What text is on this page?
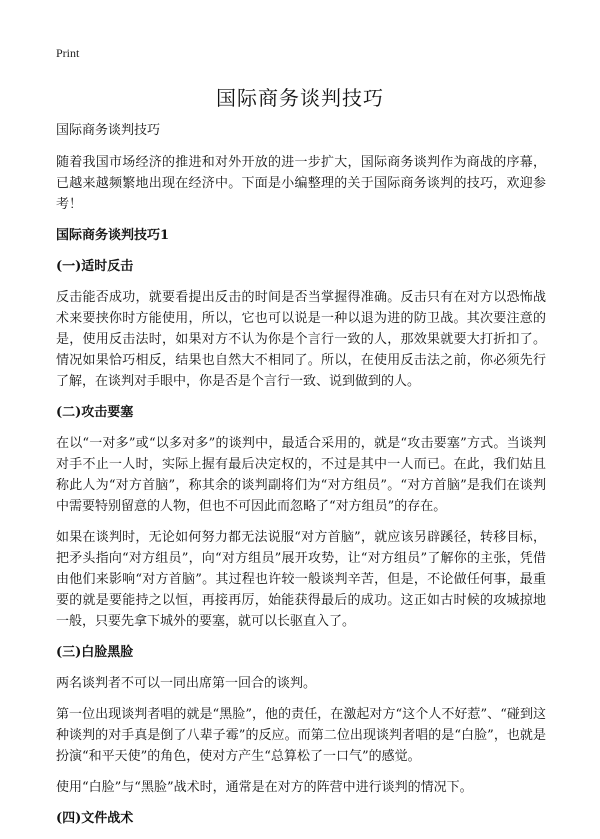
Print
国际商务谈判技巧

国际商务谈判技巧

随着我国市场经济的推进和对外开放的进一步扩大，国际商务谈判作为商战的序幕，已越来越频繁地出现在经济中。下面是小编整理的关于国际商务谈判的技巧，欢迎参考！

国际商务谈判技巧1
(一)适时反击

反击能否成功，就要看提出反击的时间是否当掌握得准确。反击只有在对方以恐怖战术来要挟你时方能使用，所以，它也可以说是一种以退为进的防卫战。其次要注意的是，使用反击法时，如果对方不认为你是个言行一致的人，那效果就要大打折扣了。情况如果恰巧相反，结果也自然大不相同了。所以，在使用反击法之前，你必须先行了解，在谈判对手眼中，你是否是个言行一致、说到做到的人。

(二)攻击要塞

在以“一对多”或“以多对多”的谈判中，最适合采用的，就是“攻击要塞”方式。当谈判对手不止一人时，实际上握有最后决定权的，不过是其中一人而已。在此，我们姑且称此人为“对方首脑”，称其余的谈判副将们为“对方组员”。“对方首脑”是我们在谈判中需要特别留意的人物，但也不可因此而忽略了“对方组员”的存在。

如果在谈判时，无论如何努力都无法说服“对方首脑”，就应该另辟蹊径，转移目标，把矛头指向“对方组员”，向“对方组员”展开攻势，让“对方组员”了解你的主张，凭借由他们来影响“对方首脑”。其过程也许较一般谈判辛苦，但是，不论做任何事，最重要的就是要能持之以恒，再接再厉，始能获得最后的成功。这正如古时候的攻城掠地一般，只要先拿下城外的要塞，就可以长驱直入了。

(三)白脸黑脸

两名谈判者不可以一同出席第一回合的谈判。

第一位出现谈判者唱的就是“黑脸”，他的责任，在激起对方“这个人不好惹”、“碰到这种谈判的对手真是倒了八辈子霉”的反应。而第二位出现谈判者唱的是“白脸”，也就是扮演“和平天使”的角色，使对方产生“总算松了一口气”的感觉。

使用“白脸”与“黑脸”战术时，通常是在对方的阵营中进行谈判的情况下。

(四)文件战术
